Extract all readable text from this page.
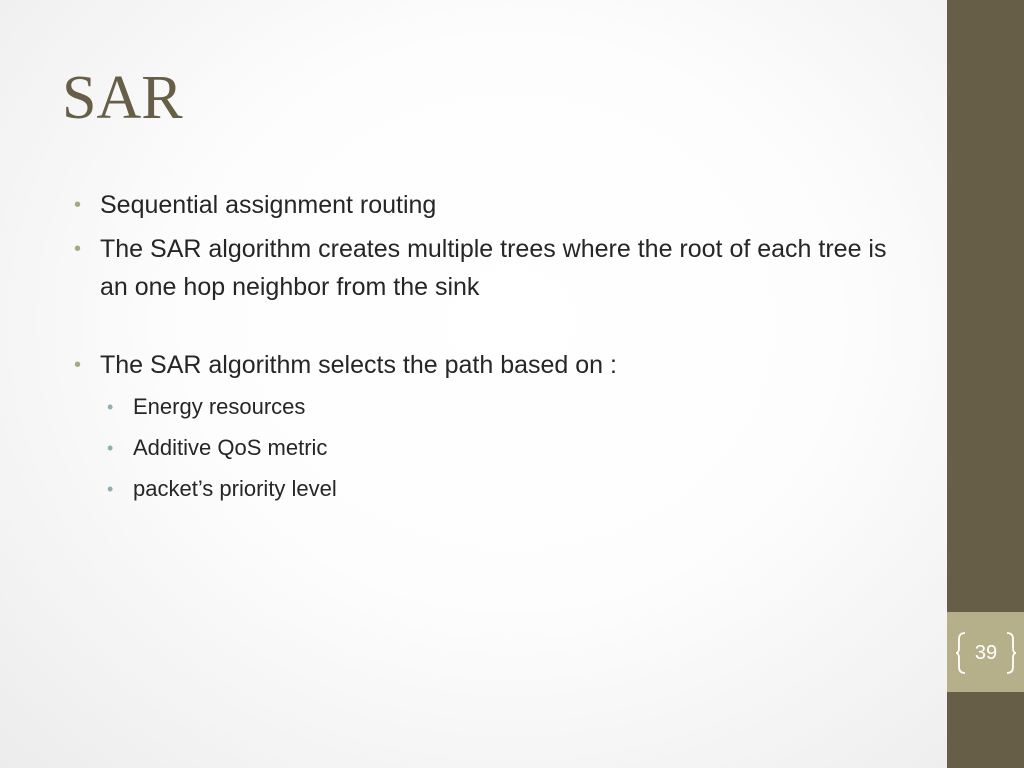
SAR
• Sequential assignment routing
• The SAR algorithm creates multiple trees where the root of each tree is an one hop neighbor from the sink
• The SAR algorithm selects the path based on :
• Energy resources
• Additive QoS metric
• packet’s priority level
39
